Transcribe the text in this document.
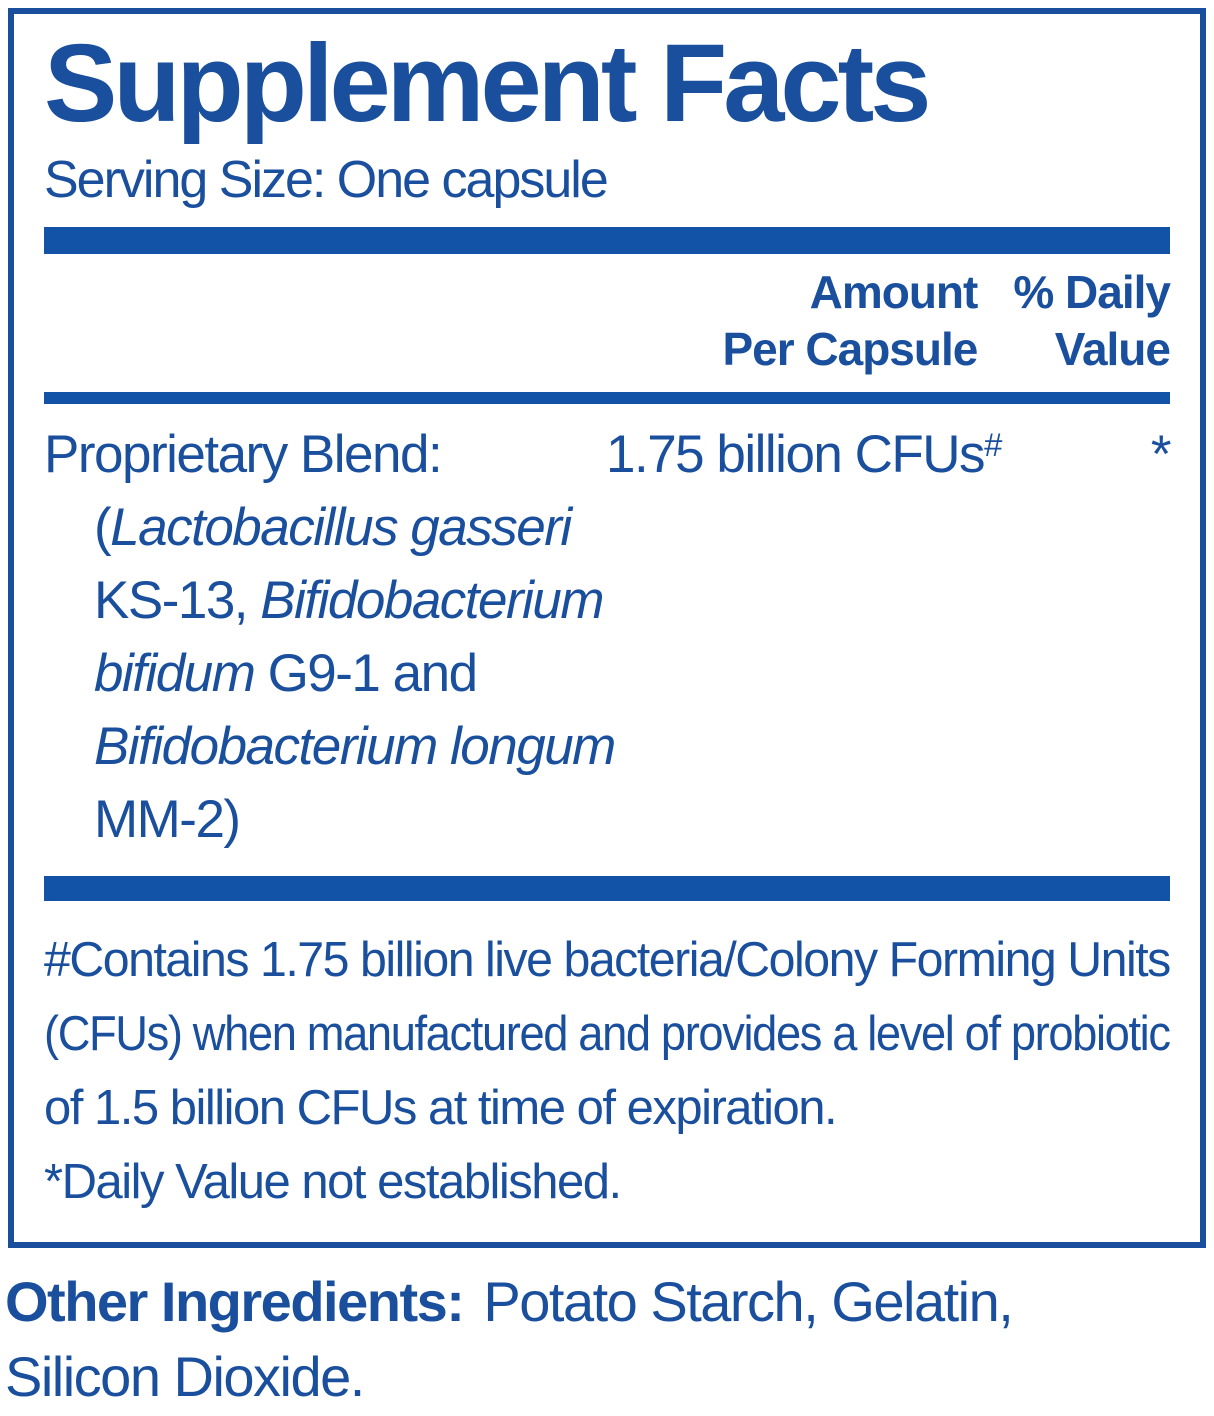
Supplement Facts
Serving Size: One capsule
Amount
Per Capsule
% Daily
Value
Proprietary Blend:
(Lactobacillus gasseri
KS-13, Bifidobacterium
bifidum G9-1 and
Bifidobacterium longum
MM-2)
1.75 billion CFUs#	*
#Contains 1.75 billion live bacteria/Colony Forming Units
(CFUs) when manufactured and provides a level of probiotic
of 1.5 billion CFUs at time of expiration.
*Daily Value not established.
Other Ingredients: Potato Starch, Gelatin,
Silicon Dioxide.
